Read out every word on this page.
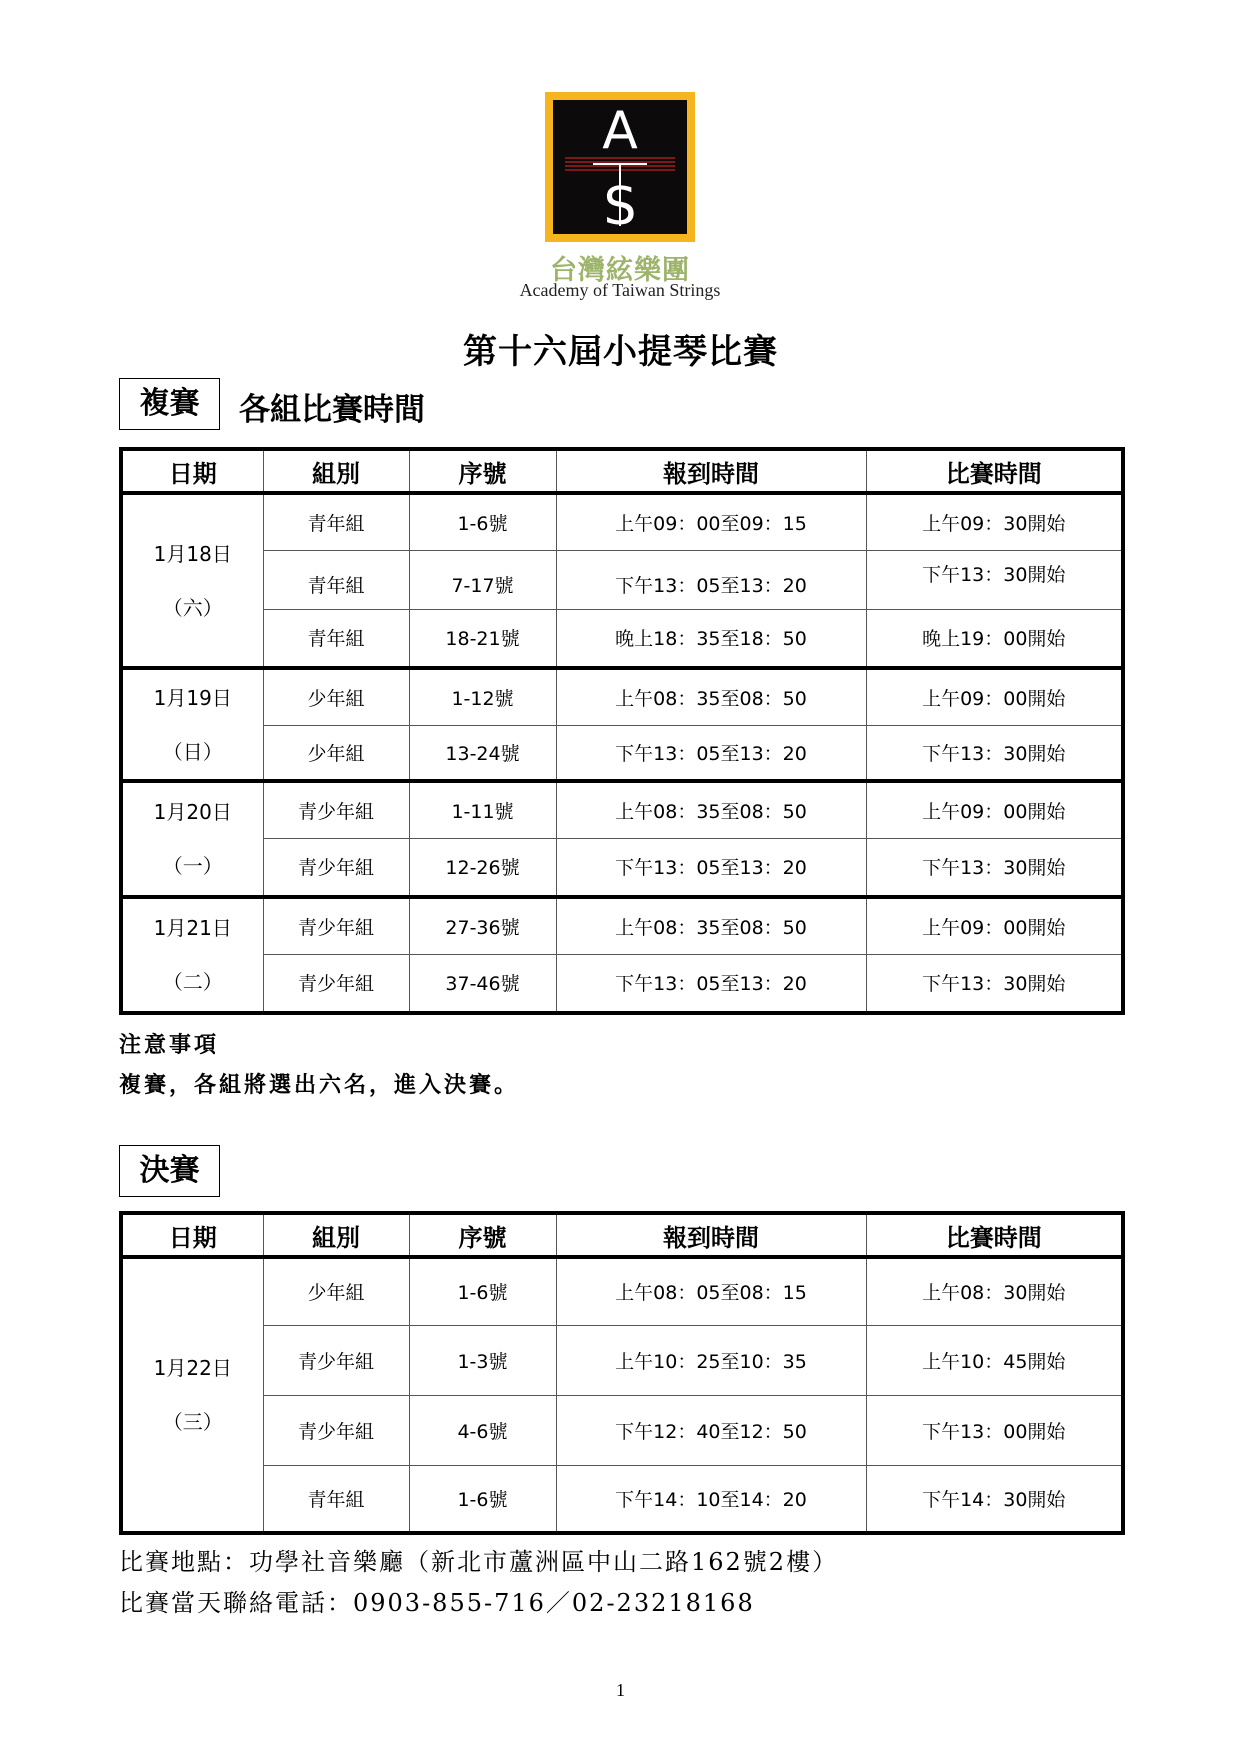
A
S
台灣絃樂團
Academy of Taiwan Strings
第十六屆小提琴比賽
複賽	各組比賽時間
日期	組別	序號	報到時間	比賽時間

1月18日
（六）	青年組	1-6號	上午09：00至09：15	上午09：30開始
	青年組	7-17號	下午13：05至13：20	下午13：30開始
	青年組	18-21號	晚上18：35至18：50	晚上19：00開始

1月19日
（日）	少年組	1-12號	上午08：35至08：50	上午09：00開始
	少年組	13-24號	下午13：05至13：20	下午13：30開始

1月20日
（一）	青少年組	1-11號	上午08：35至08：50	上午09：00開始
	青少年組	12-26號	下午13：05至13：20	下午13：30開始

1月21日
（二）	青少年組	27-36號	上午08：35至08：50	上午09：00開始
	青少年組	37-46號	下午13：05至13：20	下午13：30開始
注意事項
複賽，各組將選出六名，進入決賽。
決賽
日期	組別	序號	報到時間	比賽時間

1月22日
（三）	少年組	1-6號	上午08：05至08：15	上午08：30開始
	青少年組	1-3號	上午10：25至10：35	上午10：45開始
	青少年組	4-6號	下午12：40至12：50	下午13：00開始
	青年組	1-6號	下午14：10至14：20	下午14：30開始
比賽地點：功學社音樂廳（新北市蘆洲區中山二路162號2樓）
比賽當天聯絡電話：0903-855-716／02-23218168
1
